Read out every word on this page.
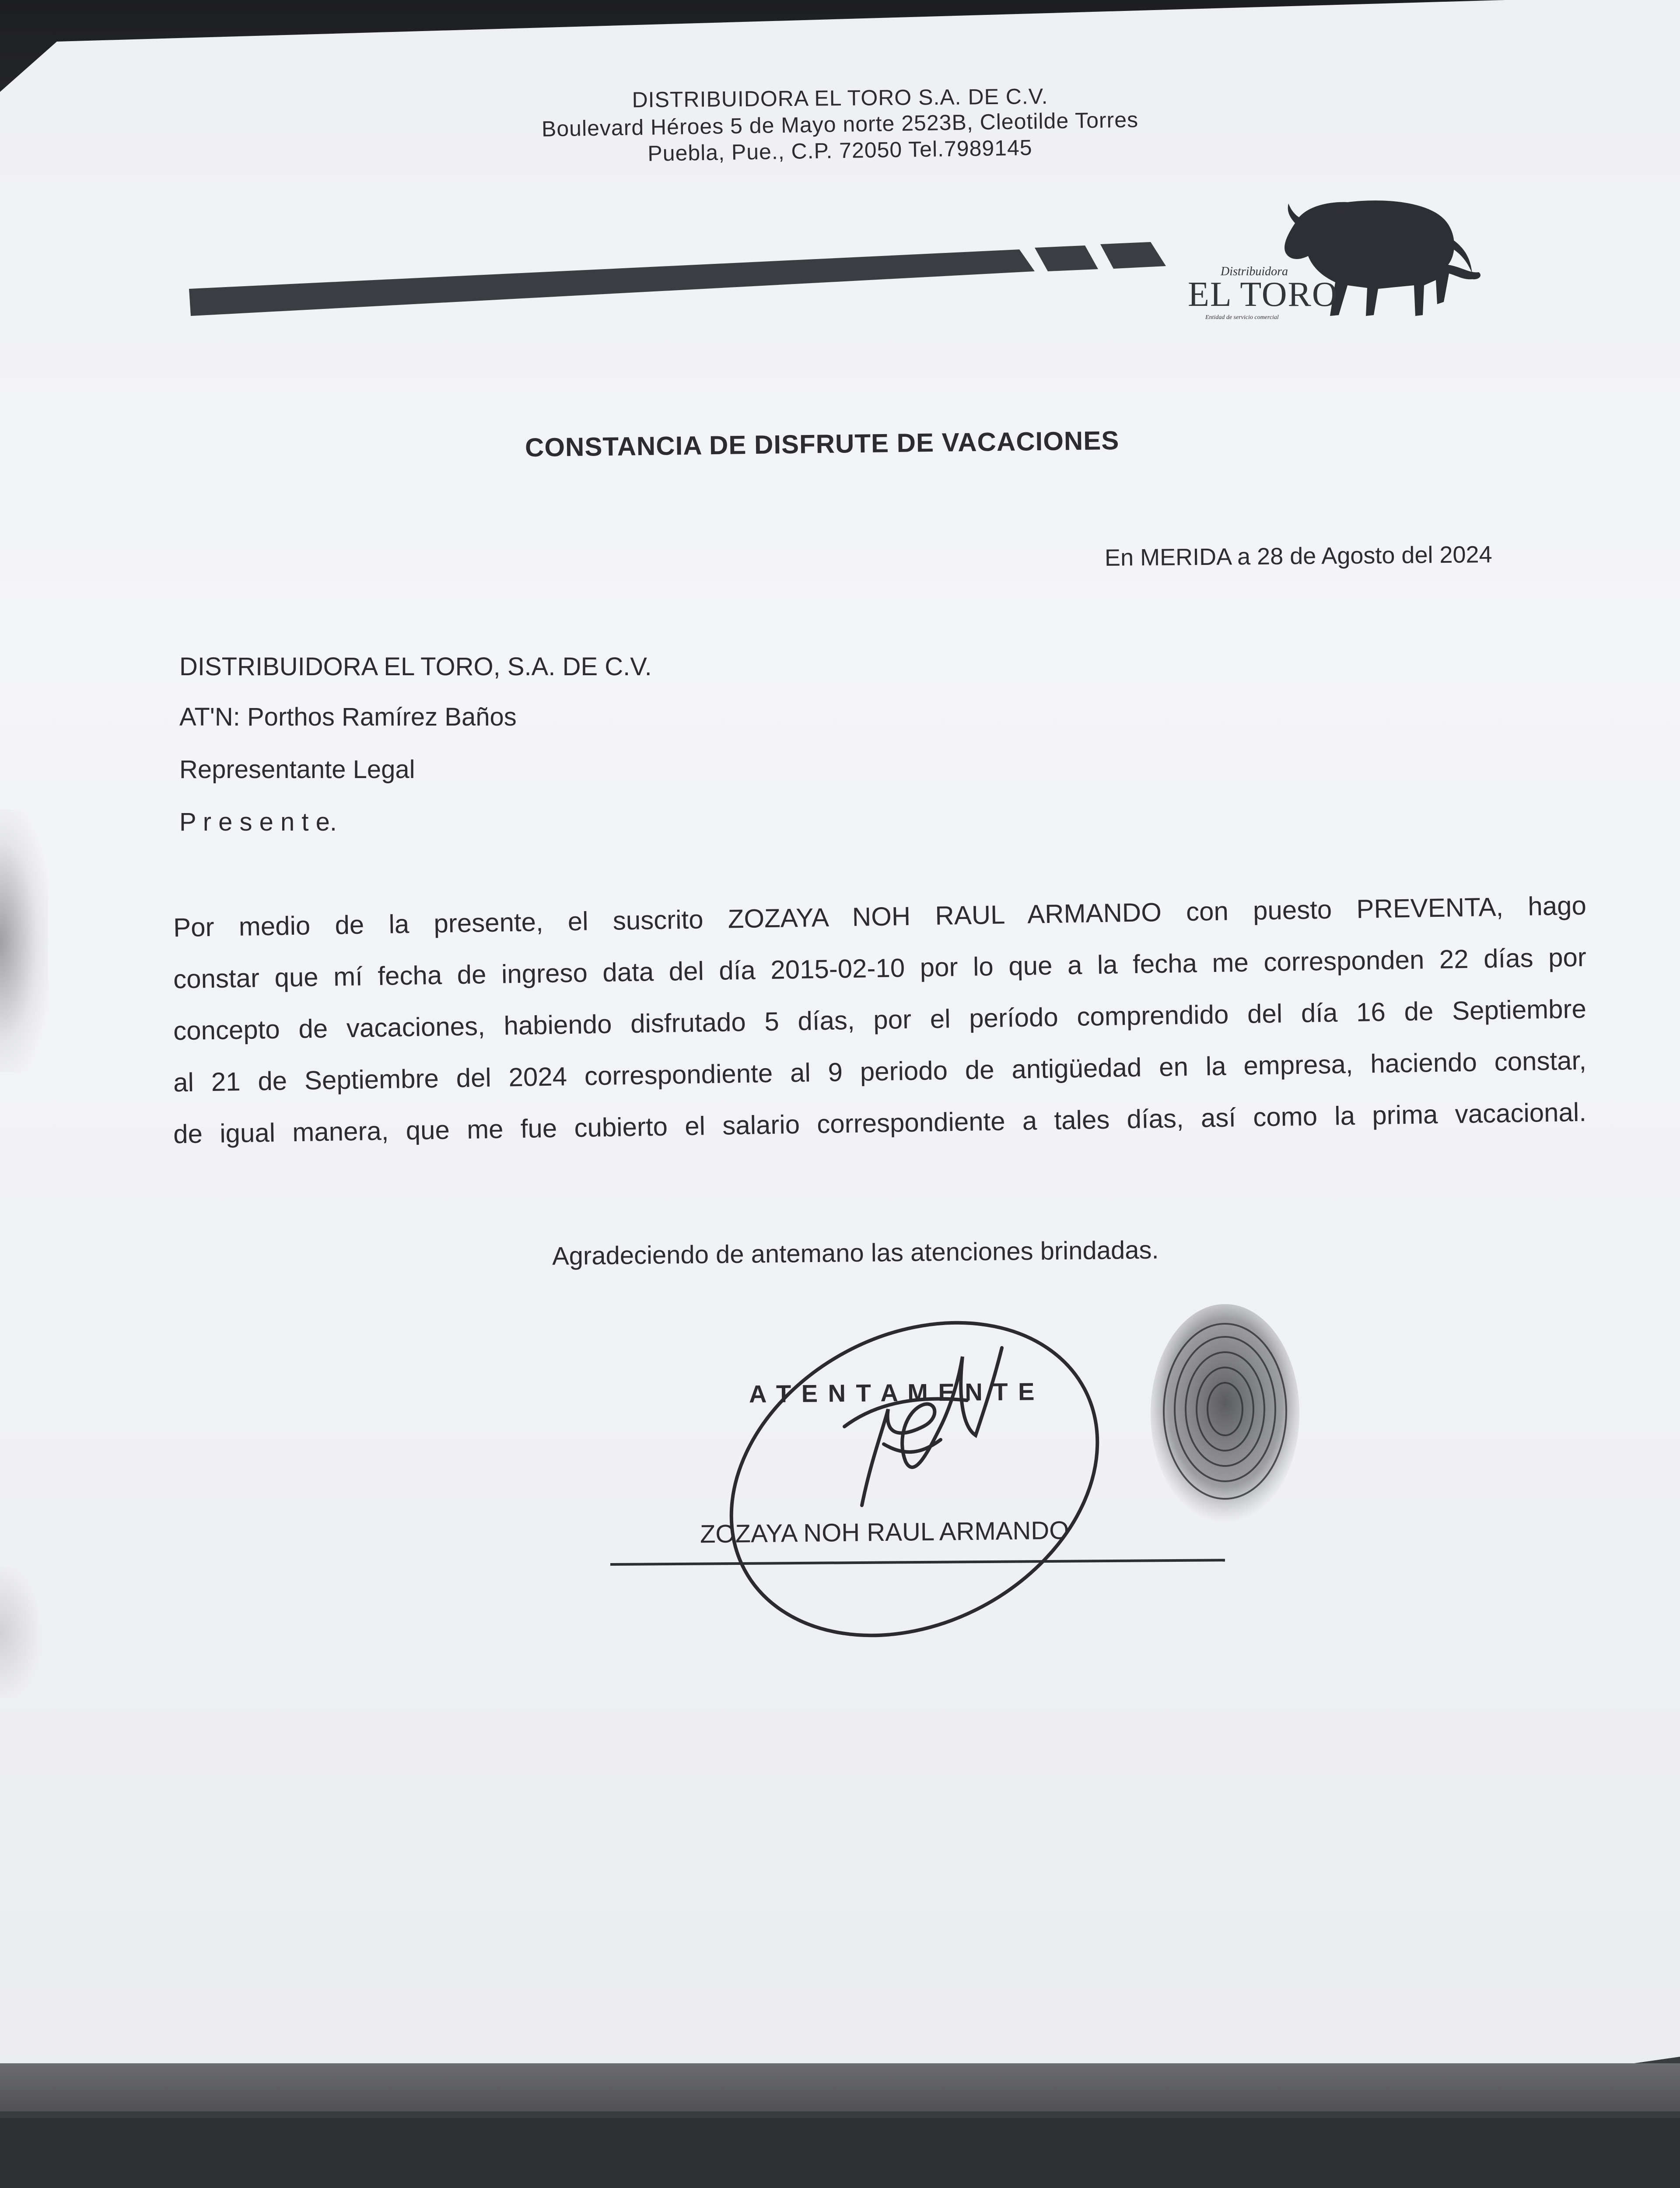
DISTRIBUIDORA EL TORO S.A. DE C.V.

Boulevard Héroes 5 de Mayo norte 2523B, Cleotilde Torres

Puebla, Pue., C.P. 72050 Tel.7989145

Distribuidora
EL TORO
Entidad de servicio comercial

CONSTANCIA DE DISFRUTE DE VACACIONES

En MERIDA a 28 de Agosto del 2024

DISTRIBUIDORA EL TORO, S.A. DE C.V.

AT'N: Porthos Ramírez Baños

Representante Legal

P r e s e n t e.

Por medio de la presente, el suscrito ZOZAYA NOH RAUL ARMANDO con puesto PREVENTA, hago

constar que mí fecha de ingreso data del día 2015-02-10 por lo que a la fecha me corresponden 22 días por

concepto de vacaciones, habiendo disfrutado 5 días, por el período comprendido del día 16 de Septiembre

al 21 de Septiembre del 2024 correspondiente al 9 periodo de antigüedad en la empresa, haciendo constar,

de igual manera, que me fue cubierto el salario correspondiente a tales días, así como la prima vacacional.

Agradeciendo de antemano las atenciones brindadas.

A T E N T A M E N T E

ZOZAYA NOH RAUL ARMANDO
